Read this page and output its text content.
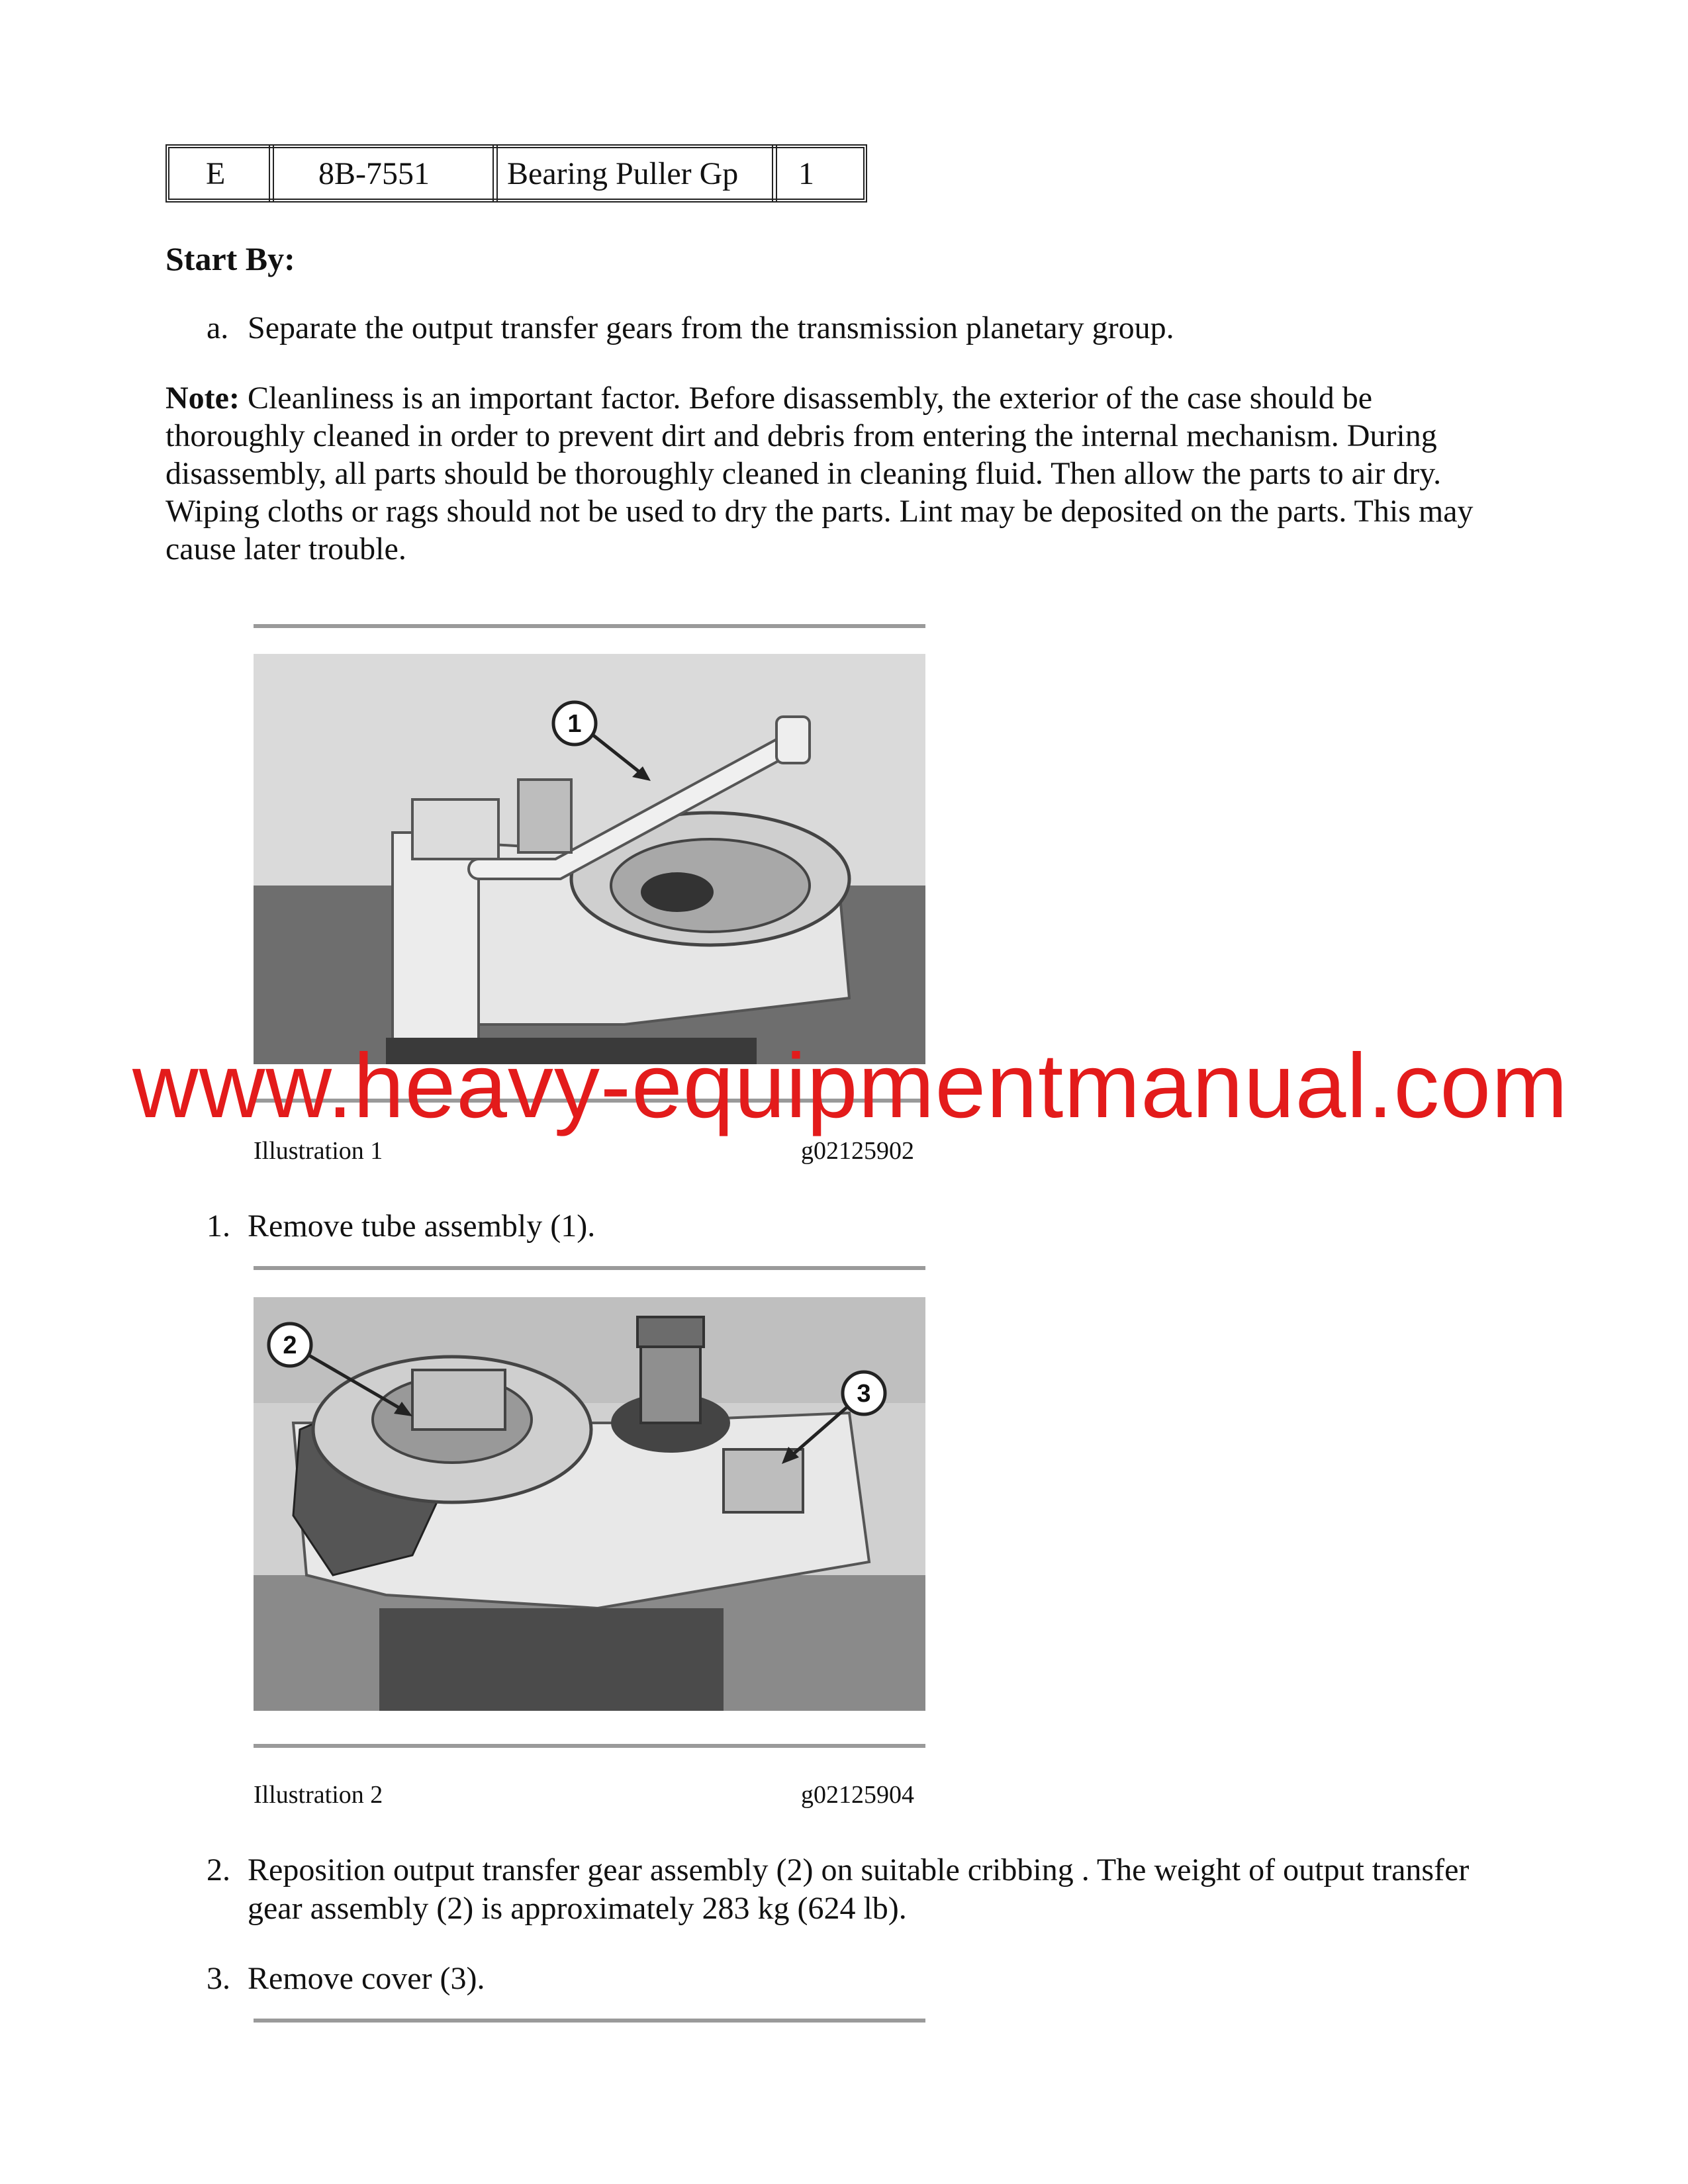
E	8B-7551	Bearing Puller Gp	1
Start By:
a. Separate the output transfer gears from the transmission planetary group.
Note: Cleanliness is an important factor. Before disassembly, the exterior of the case should be thoroughly cleaned in order to prevent dirt and debris from entering the internal mechanism. During disassembly, all parts should be thoroughly cleaned in cleaning fluid. Then allow the parts to air dry. Wiping cloths or rags should not be used to dry the parts. Lint may be deposited on the parts. This may cause later trouble.
1
Illustration 1	g02125902
www.heavy-equipmentmanual.com
1. Remove tube assembly (1).
2
3
Illustration 2	g02125904
2. Reposition output transfer gear assembly (2) on suitable cribbing . The weight of output transfer
gear assembly (2) is approximately 283 kg (624 lb).
3. Remove cover (3).
